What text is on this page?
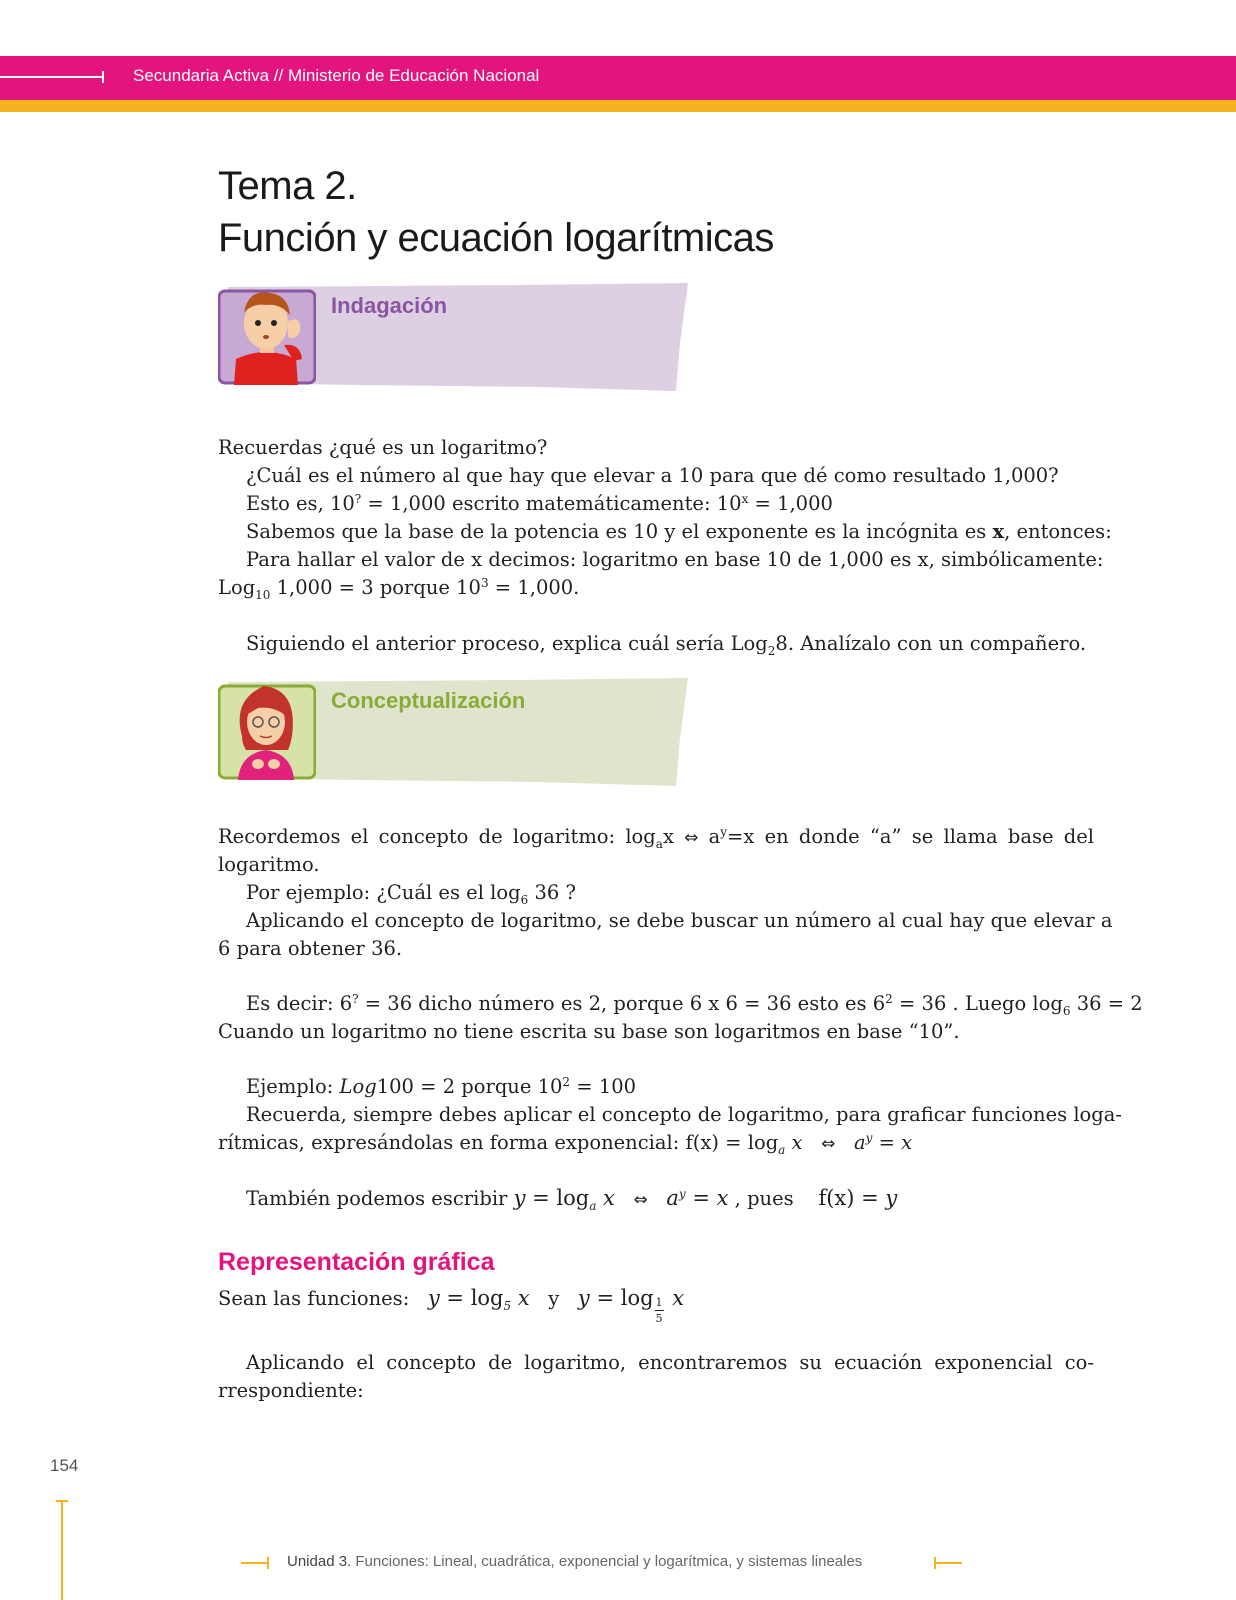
Secundaria Activa // Ministerio de Educación Nacional
Tema 2.
Función y ecuación logarítmicas
Indagación
Recuerdas ¿qué es un logaritmo?
¿Cuál es el número al que hay que elevar a 10 para que dé como resultado 1,000?
Esto es, 10? = 1,000 escrito matemáticamente: $10^x = 1,000$
Sabemos que la base de la potencia es 10 y el exponente es la incógnita es x, entonces:
Para hallar el valor de x decimos: logaritmo en base 10 de 1,000 es x, simbólicamente:
Log$_{10}$ 1,000 = 3 porque $10^3 = 1,000$.
Siguiendo el anterior proceso, explica cuál sería Log$_2$8. Analízalo con un compañero.
Conceptualización
Recordemos el concepto de logaritmo: $\log_ax$ ⇔ $a^y=x$ en donde “a” se llama base del
logaritmo.
Por ejemplo: ¿Cuál es el $\log_6 36$ ?
Aplicando el concepto de logaritmo, se debe buscar un número al cual hay que elevar a
6 para obtener 36.
Es decir: 6? = 36 dicho número es 2, porque 6 x 6 = 36 esto es $6^2 = 36$ . Luego $\log_6 36 = 2$
Cuando un logaritmo no tiene escrita su base son logaritmos en base “10”.
Ejemplo: Log100 = 2 porque $10^2 = 100$
Recuerda, siempre debes aplicar el concepto de logaritmo, para graficar funciones loga-
rítmicas, expresándolas en forma exponencial: $f(x) = \log_a x$ ⇔ $a^y = x$
También podemos escribir $y = \log_a x$ ⇔ $a^y = x$ , pues    f(x) = y
Representación gráfica
Sean las funciones:   $y = \log_5 x$ y $y = \log \frac{1}{5}$ x
Aplicando el concepto de logaritmo, encontraremos su ecuación exponencial co-
rrespondiente:
154
Unidad 3. Funciones: Lineal, cuadrática, exponencial y logarítmica, y sistemas lineales
